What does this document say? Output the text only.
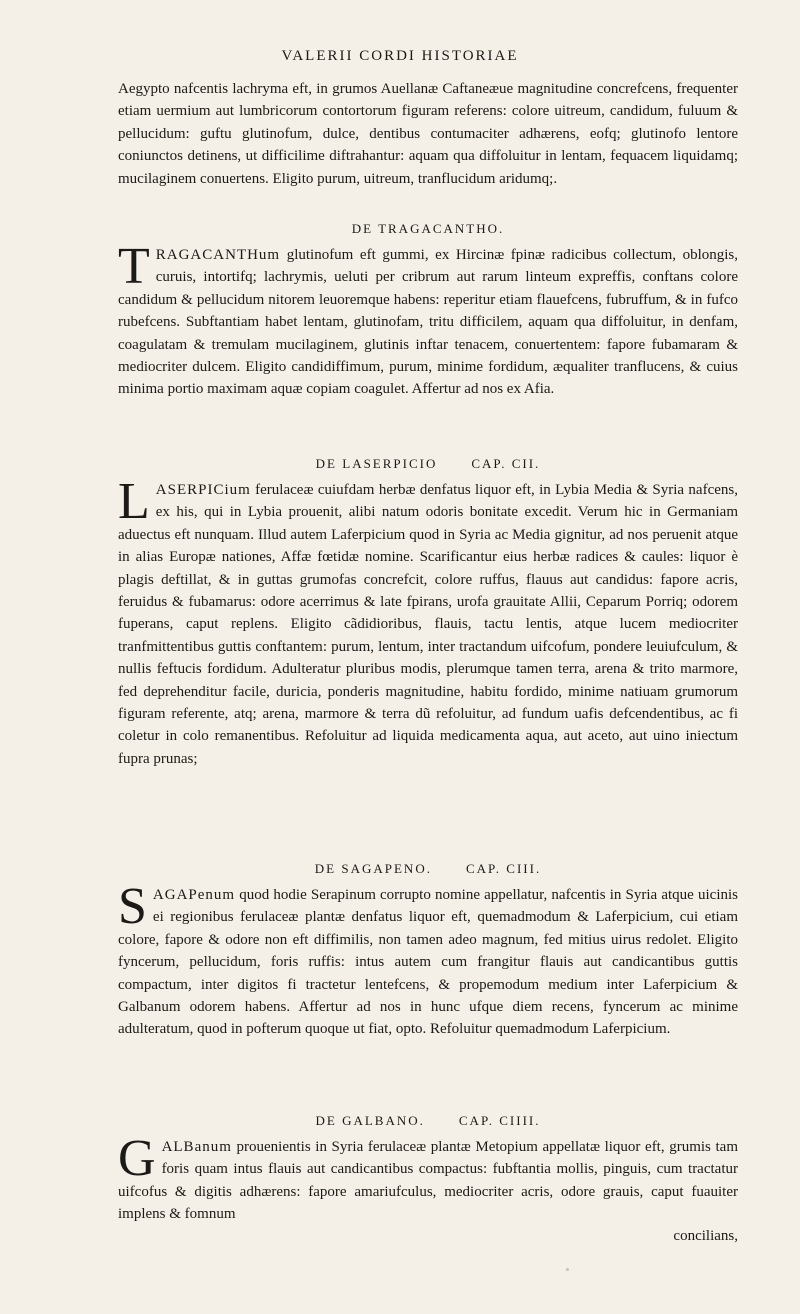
VALERII CORDI HISTORIAE

Aegypto nafcentis lachryma eft, in grumos Auellanæ Caftaneæue magnitudine concrefcens, frequenter etiam uermium aut lumbricorum contortorum figuram referens: colore uitreum, candidum, fuluum & pellucidum: guftu glutinofum, dulce, dentibus contumaciter adhærens, eofq; glutinofo lentore coniunctos detinens, ut difficilime diftrahantur: aquam qua diffoluitur in lentam, fequacem liquidamq; mucilaginem conuertens. Eligito purum, uitreum, tranflucidum aridumq;.

DE TRAGACANTHO.

T RAGACANTHum glutinofum eft gummi, ex Hircinæ fpinæ radicibus collectum, oblongis, curuis, intortifq; lachrymis, ueluti per cribrum aut rarum linteum expreffis, conftans colore candidum & pellucidum nitorem leuoremque habens: reperitur etiam flauefcens, fubruffum, & in fufco rubefcens. Subftantiam habet lentam, glutinofam, tritu difficilem, aquam qua diffoluitur, in denfam, coagulatam & tremulam mucilaginem, glutinis inftar tenacem, conuertentem: fapore fubamaram & mediocriter dulcem. Eligito candidiffimum, purum, minime fordidum, æqualiter tranflucens, & cuius minima portio maximam aquæ copiam coagulet. Affertur ad nos ex Afia.

DE LASERPICIO	CAP. CII.

L ASERPICium ferulaceæ cuiufdam herbæ denfatus liquor eft, in Lybia Media & Syria nafcens, ex his, qui in Lybia prouenit, alibi natum odoris bonitate excedit. Verum hic in Germaniam aduectus eft nunquam. Illud autem Laferpicium quod in Syria ac Media gignitur, ad nos peruenit atque in alias Europæ nationes, Affæ fœtidæ nomine. Scarificantur eius herbæ radices & caules: liquor è plagis deftillat, & in guttas grumofas concrefcit, colore ruffus, flauus aut candidus: fapore acris, feruidus & fubamarus: odore acerrimus & late fpirans, urofa grauitate Allii, Ceparum Porriq; odorem fuperans, caput replens. Eligito cãdidioribus, flauis, tactu lentis, atque lucem mediocriter tranfmittentibus guttis conftantem: purum, lentum, inter tractandum uifcofum, pondere leuiufculum, & nullis feftucis fordidum. Adulteratur pluribus modis, plerumque tamen terra, arena & trito marmore, fed deprehenditur facile, duricia, ponderis magnitudine, habitu fordido, minime natiuam grumorum figuram referente, atq; arena, marmore & terra dũ refoluitur, ad fundum uafis defcendentibus, ac fi coletur in colo remanentibus. Refoluitur ad liquida medicamenta aqua, aut aceto, aut uino iniectum fupra prunas;

DE SAGAPENO.	CAP. CIII.

S AGAPenum quod hodie Serapinum corrupto nomine appellatur, nafcentis in Syria atque uicinis ei regionibus ferulaceæ plantæ denfatus liquor eft, quemadmodum & Laferpicium, cui etiam colore, fapore & odore non eft diffimilis, non tamen adeo magnum, fed mitius uirus redolet. Eligito fyncerum, pellucidum, foris ruffis: intus autem cum frangitur flauis aut candicantibus guttis compactum, inter digitos fi tractetur lentefcens, & propemodum medium inter Laferpicium & Galbanum odorem habens. Affertur ad nos in hunc ufque diem recens, fyncerum ac minime adulteratum, quod in pofterum quoque ut fiat, opto. Refoluitur quemadmodum Laferpicium.

DE GALBANO.	CAP. CIIII.

G ALBanum prouenientis in Syria ferulaceæ plantæ Metopium appellatæ liquor eft, grumis tam foris quam intus flauis aut candicantibus compactus: fubftantia mollis, pinguis, cum tractatur uifcofus & digitis adhærens: fapore amariufculus, mediocriter acris, odore grauis, caput fuauiter implens & fomnum

concilians,
